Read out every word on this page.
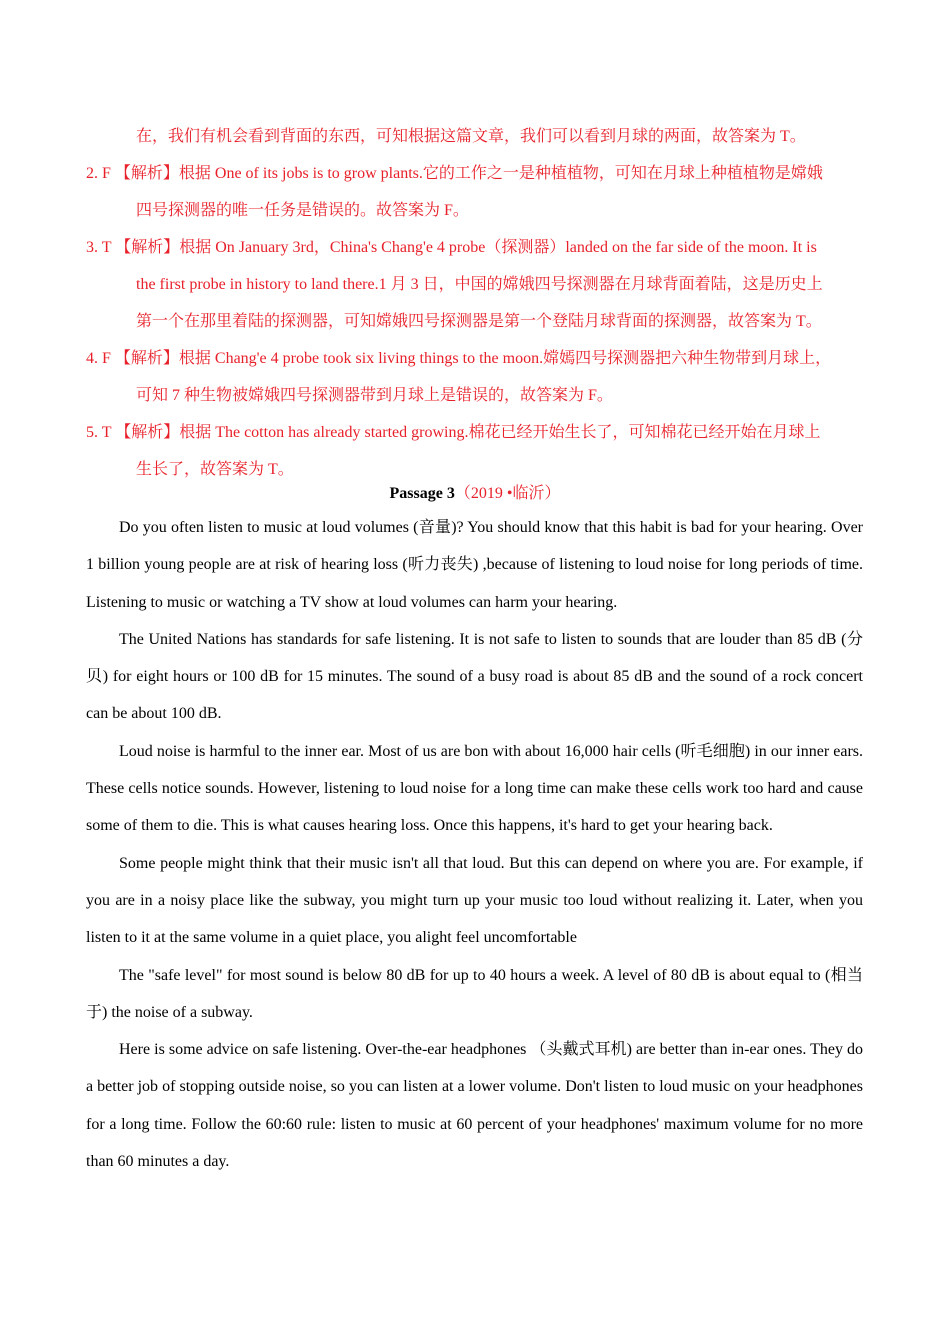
在，我们有机会看到背面的东西，可知根据这篇文章，我们可以看到月球的两面，故答案为 T。
2. F 【解析】根据 One of its jobs is to grow plants.它的工作之一是种植植物，可知在月球上种植植物是嫦娥
四号探测器的唯一任务是错误的。故答案为 F。
3. T 【解析】根据 On January 3rd，China's Chang'e 4 probe（探测器）landed on the far side of the moon. It is
the first probe in history to land there.1 月 3 日，中国的嫦娥四号探测器在月球背面着陆，这是历史上
第一个在那里着陆的探测器，可知嫦娥四号探测器是第一个登陆月球背面的探测器，故答案为 T。
4. F 【解析】根据 Chang'e 4 probe took six living things to the moon.嫦嫣四号探测器把六种生物带到月球上，
可知 7 种生物被嫦娥四号探测器带到月球上是错误的，故答案为 F。
5. T 【解析】根据 The cotton has already started growing.棉花已经开始生长了，可知棉花已经开始在月球上
生长了，故答案为 T。
Passage 3（2019 •临沂）

Do you often listen to music at loud volumes (音量)? You should know that this habit is bad for your hearing. Over 1 billion young people are at risk of hearing loss (听力丧失) ,because of listening to loud noise for long periods of time. Listening to music or watching a TV show at loud volumes can harm your hearing.

The United Nations has standards for safe listening. It is not safe to listen to sounds that are louder than 85 dB (分贝) for eight hours or 100 dB for 15 minutes. The sound of a busy road is about 85 dB and the sound of a rock concert can be about 100 dB.

Loud noise is harmful to the inner ear. Most of us are bon with about 16,000 hair cells (听毛细胞) in our inner ears. These cells notice sounds. However, listening to loud noise for a long time can make these cells work too hard and cause some of them to die. This is what causes hearing loss. Once this happens, it's hard to get your hearing back.

Some people might think that their music isn't all that loud. But this can depend on where you are. For example, if you are in a noisy place like the subway, you might turn up your music too loud without realizing it. Later, when you listen to it at the same volume in a quiet place, you alight feel uncomfortable

The "safe level" for most sound is below 80 dB for up to 40 hours a week. A level of 80 dB is about equal to (相当于) the noise of a subway.

Here is some advice on safe listening. Over-the-ear headphones （头戴式耳机) are better than in-ear ones. They do a better job of stopping outside noise, so you can listen at a lower volume. Don't listen to loud music on your headphones for a long time. Follow the 60:60 rule: listen to music at 60 percent of your headphones' maximum volume for no more than 60 minutes a day.
